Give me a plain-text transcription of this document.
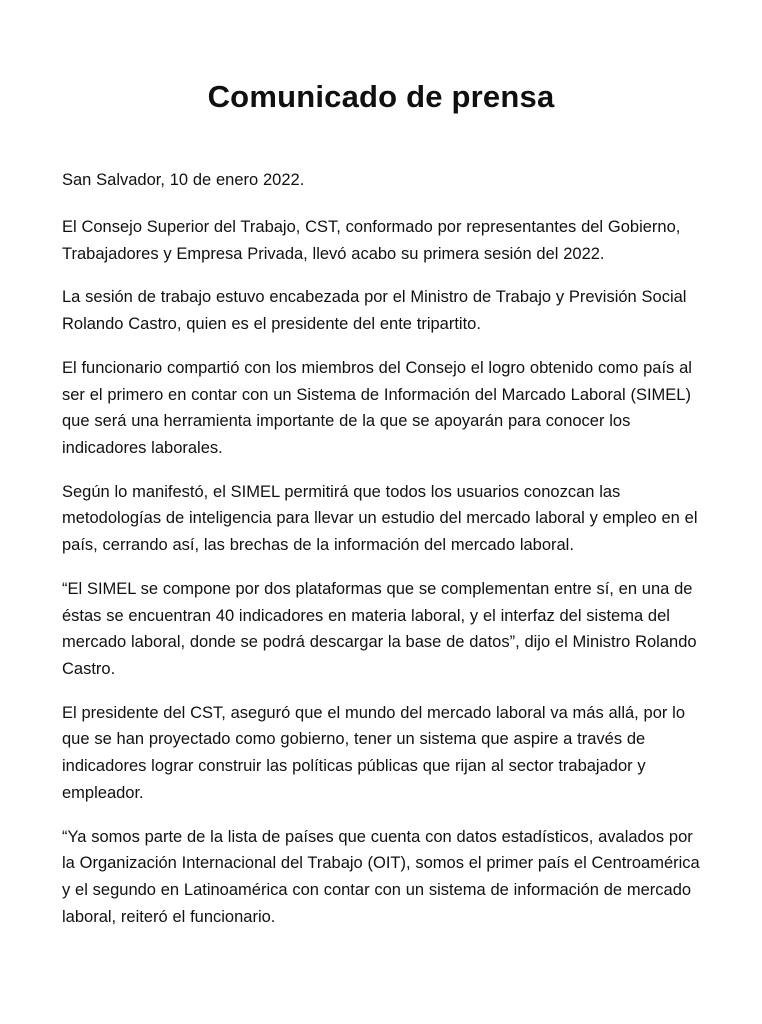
Comunicado de prensa

San Salvador, 10 de enero 2022.

El Consejo Superior del Trabajo, CST, conformado por representantes del Gobierno, Trabajadores y Empresa Privada, llevó acabo su primera sesión del 2022.

La sesión de trabajo estuvo encabezada por el Ministro de Trabajo y Previsión Social Rolando Castro, quien es el presidente del ente tripartito.

El funcionario compartió con los miembros del Consejo el logro obtenido como país al ser el primero en contar con un Sistema de Información del Marcado Laboral (SIMEL) que será una herramienta importante de la que se apoyarán para conocer los indicadores laborales.

Según lo manifestó, el SIMEL permitirá que todos los usuarios conozcan las metodologías de inteligencia para llevar un estudio del mercado laboral y empleo en el país, cerrando así, las brechas de la información del mercado laboral.

“El SIMEL se compone por dos plataformas que se complementan entre sí, en una de éstas se encuentran 40 indicadores en materia laboral, y el interfaz del sistema del mercado laboral, donde se podrá descargar la base de datos”, dijo el Ministro Rolando Castro.

El presidente del CST, aseguró que el mundo del mercado laboral va más allá, por lo que se han proyectado como gobierno, tener un sistema que aspire a través de indicadores lograr construir las políticas públicas que rijan al sector trabajador y empleador.

“Ya somos parte de la lista de países que cuenta con datos estadísticos, avalados por la Organización Internacional del Trabajo (OIT), somos el primer país el Centroamérica y el segundo en Latinoamérica con contar con un sistema de información de mercado laboral, reiteró el funcionario.
